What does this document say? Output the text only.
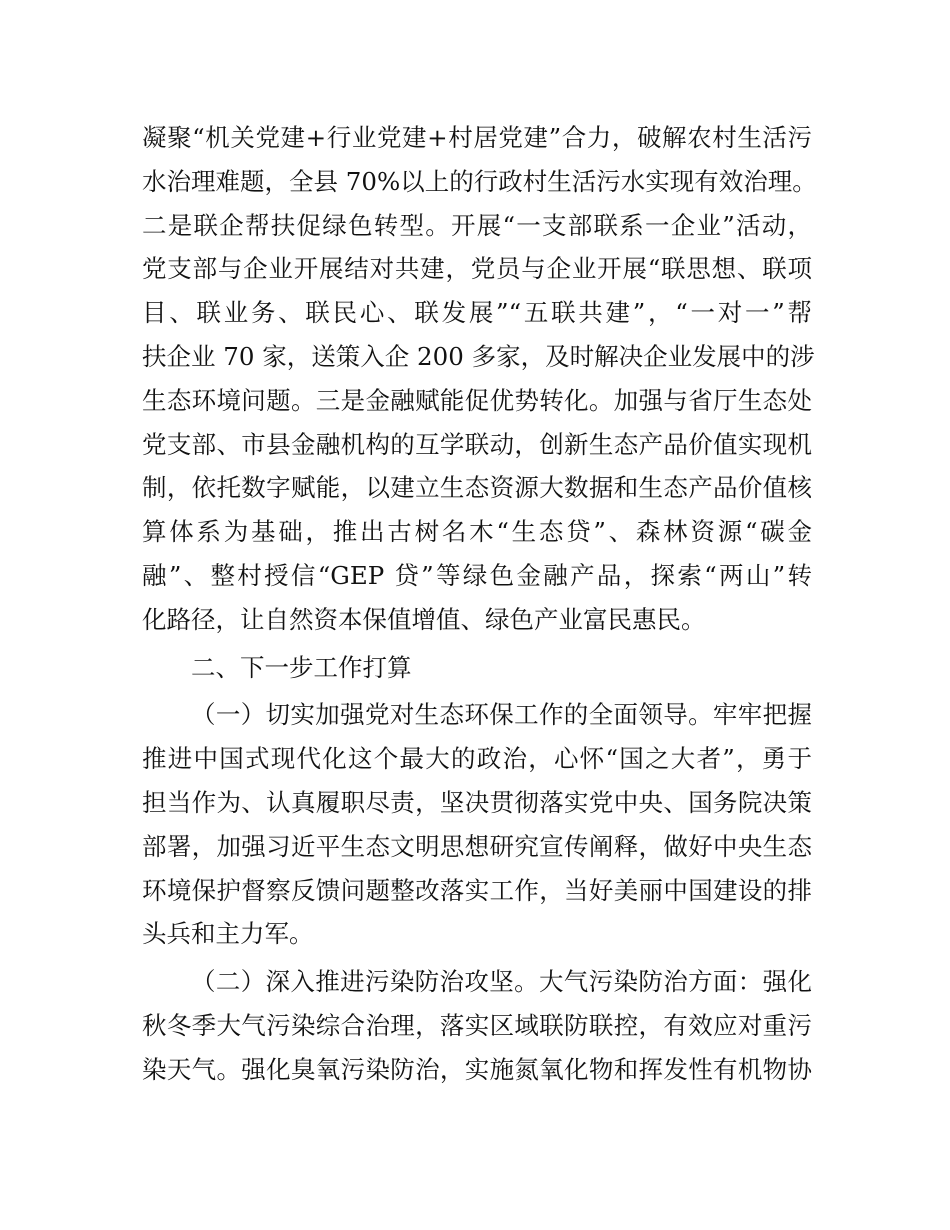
凝聚“机关党建+行业党建+村居党建”合力，破解农村生活污
水治理难题，全县 70%以上的行政村生活污水实现有效治理。
二是联企帮扶促绿色转型。开展“一支部联系一企业”活动，
党支部与企业开展结对共建，党员与企业开展“联思想、联项
目、联业务、联民心、联发展”“五联共建”，“一对一”帮
扶企业 70 家，送策入企 200 多家，及时解决企业发展中的涉
生态环境问题。三是金融赋能促优势转化。加强与省厅生态处
党支部、市县金融机构的互学联动，创新生态产品价值实现机
制，依托数字赋能，以建立生态资源大数据和生态产品价值核
算体系为基础，推出古树名木“生态贷”、森林资源“碳金
融”、整村授信“GEP 贷”等绿色金融产品，探索“两山”转
化路径，让自然资本保值增值、绿色产业富民惠民。
二、下一步工作打算
（一）切实加强党对生态环保工作的全面领导。牢牢把握
推进中国式现代化这个最大的政治，心怀“国之大者”，勇于
担当作为、认真履职尽责，坚决贯彻落实党中央、国务院决策
部署，加强习近平生态文明思想研究宣传阐释，做好中央生态
环境保护督察反馈问题整改落实工作，当好美丽中国建设的排
头兵和主力军。
（二）深入推进污染防治攻坚。大气污染防治方面：强化
秋冬季大气污染综合治理，落实区域联防联控，有效应对重污
染天气。强化臭氧污染防治，实施氮氧化物和挥发性有机物协
